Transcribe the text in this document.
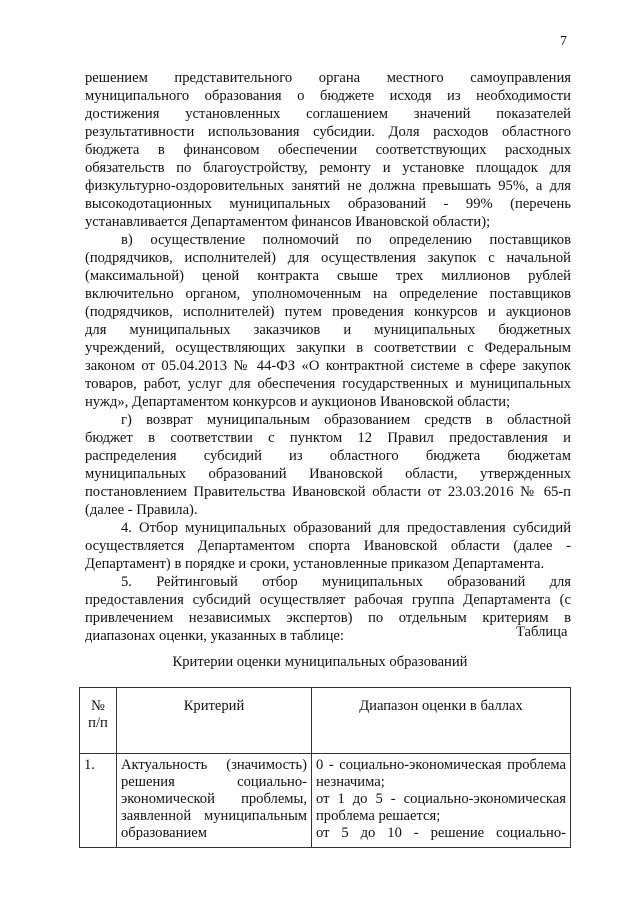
7
решением представительного органа местного самоуправления
муниципального образования о бюджете исходя из необходимости
достижения установленных соглашением значений показателей
результативности использования субсидии. Доля расходов областного
бюджета в финансовом обеспечении соответствующих расходных
обязательств по благоустройству, ремонту и установке площадок для
физкультурно-оздоровительных занятий не должна превышать 95%, а для
высокодотационных муниципальных образований - 99% (перечень
устанавливается Департаментом финансов Ивановской области);
в) осуществление полномочий по определению поставщиков
(подрядчиков, исполнителей) для осуществления закупок с начальной
(максимальной) ценой контракта свыше трех миллионов рублей
включительно органом, уполномоченным на определение поставщиков
(подрядчиков, исполнителей) путем проведения конкурсов и аукционов
для муниципальных заказчиков и муниципальных бюджетных
учреждений, осуществляющих закупки в соответствии с Федеральным
законом от 05.04.2013 № 44-ФЗ «О контрактной системе в сфере закупок
товаров, работ, услуг для обеспечения государственных и муниципальных
нужд», Департаментом конкурсов и аукционов Ивановской области;
г) возврат муниципальным образованием средств в областной
бюджет в соответствии с пунктом 12 Правил предоставления и
распределения субсидий из областного бюджета бюджетам
муниципальных образований Ивановской области, утвержденных
постановлением Правительства Ивановской области от 23.03.2016 № 65-п
(далее - Правила).
4. Отбор муниципальных образований для предоставления субсидий
осуществляется Департаментом спорта Ивановской области (далее -
Департамент) в порядке и сроки, установленные приказом Департамента.
5. Рейтинговый отбор муниципальных образований для
предоставления субсидий осуществляет рабочая группа Департамента (с
привлечением независимых экспертов) по отдельным критериям в
диапазонах оценки, указанных в таблице:	Таблица
Критерии оценки муниципальных образований
№
п/п	Критерий	Диапазон оценки в баллах
1.	Актуальность (значимость)
решения социально-
экономической проблемы,
заявленной муниципальным
образованием	0 - социально-экономическая проблема
незначима;
от 1 до 5 - социально-экономическая
проблема решается;
от 5 до 10 - решение социально-
